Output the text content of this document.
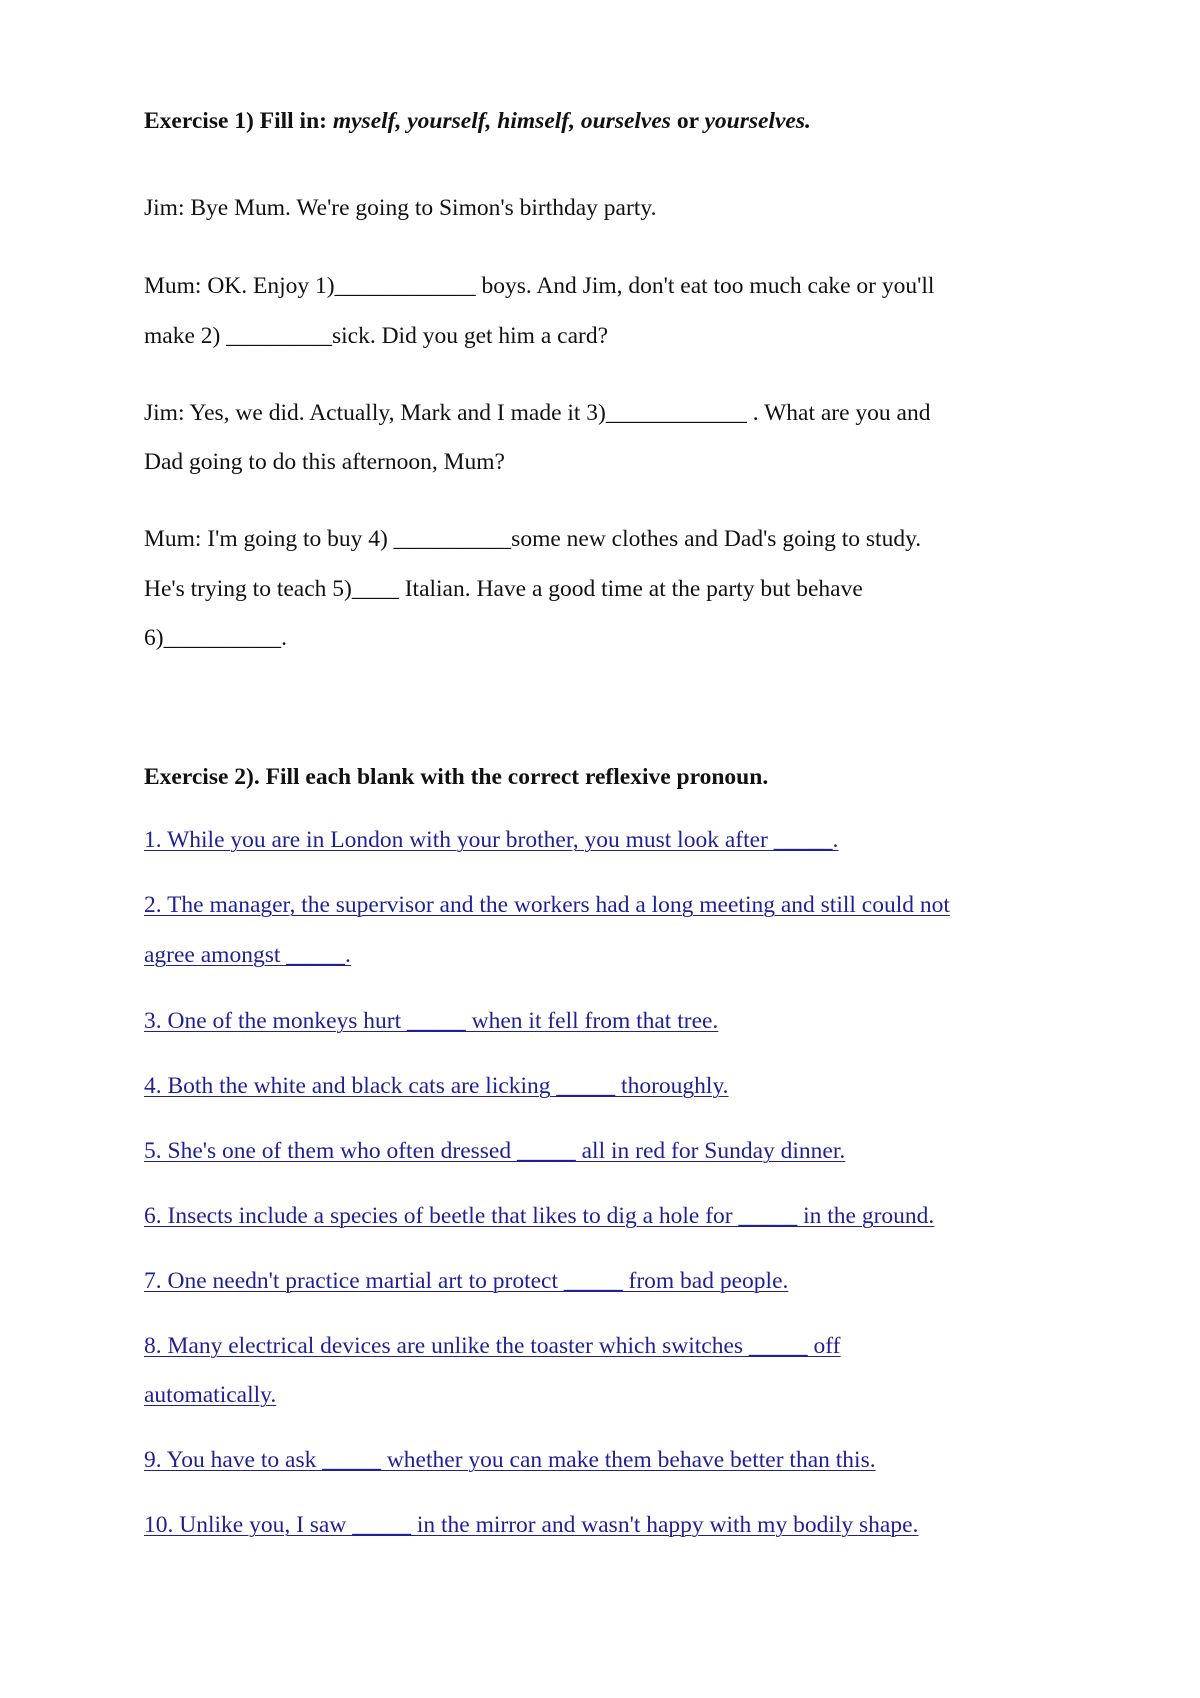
Exercise 1) Fill in: myself, yourself, himself, ourselves or yourselves.
Jim: Bye Mum. We're going to Simon's birthday party.
Mum: OK. Enjoy 1)____________ boys. And Jim, don't eat too much cake or you'll
make 2) _________sick. Did you get him a card?
Jim: Yes, we did. Actually, Mark and I made it 3)____________ . What are you and
Dad going to do this afternoon, Mum?
Mum: I'm going to buy 4) __________some new clothes and Dad's going to study.
He's trying to teach 5)____ Italian. Have a good time at the party but behave
6)__________.
Exercise 2). Fill each blank with the correct reflexive pronoun.
1. While you are in London with your brother, you must look after _____.
2. The manager, the supervisor and the workers had a long meeting and still could not
agree amongst _____.
3. One of the monkeys hurt _____ when it fell from that tree.
4. Both the white and black cats are licking _____ thoroughly.
5. She's one of them who often dressed _____ all in red for Sunday dinner.
6. Insects include a species of beetle that likes to dig a hole for _____ in the ground.
7. One needn't practice martial art to protect _____ from bad people.
8. Many electrical devices are unlike the toaster which switches _____ off
automatically.
9. You have to ask _____ whether you can make them behave better than this.
10. Unlike you, I saw _____ in the mirror and wasn't happy with my bodily shape.
